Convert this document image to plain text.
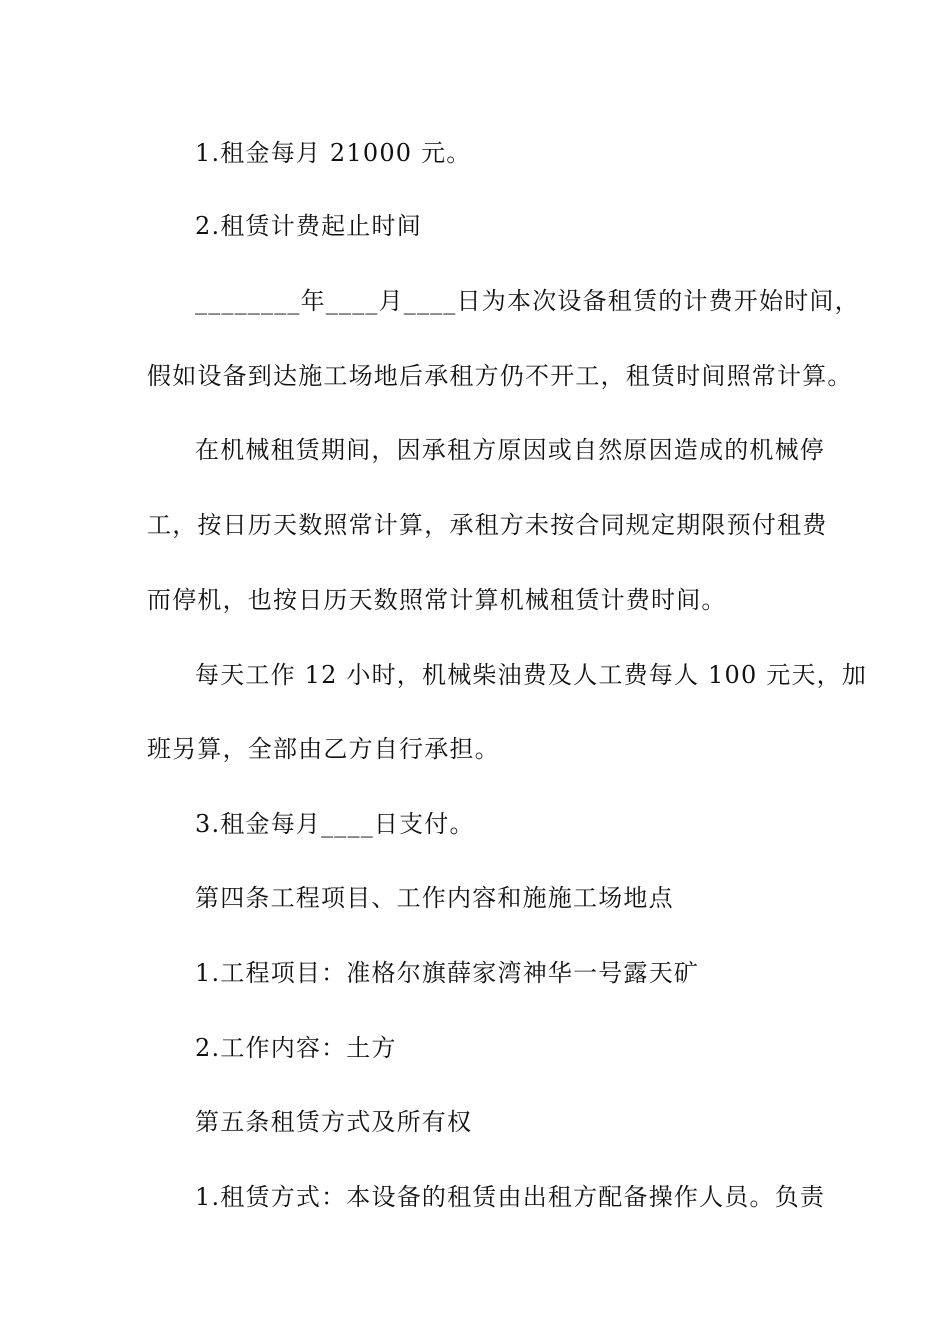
1.租金每月 21000 元。
2.租赁计费起止时间
________年____月____日为本次设备租赁的计费开始时间，
假如设备到达施工场地后承租方仍不开工，租赁时间照常计算。
在机械租赁期间，因承租方原因或自然原因造成的机械停
工，按日历天数照常计算，承租方未按合同规定期限预付租费
而停机，也按日历天数照常计算机械租赁计费时间。
每天工作 12 小时，机械柴油费及人工费每人 100 元天，加
班另算，全部由乙方自行承担。
3.租金每月____日支付。
第四条工程项目、工作内容和施施工场地点
1.工程项目：准格尔旗薛家湾神华一号露天矿
2.工作内容：土方
第五条租赁方式及所有权
1.租赁方式：本设备的租赁由出租方配备操作人员。负责
